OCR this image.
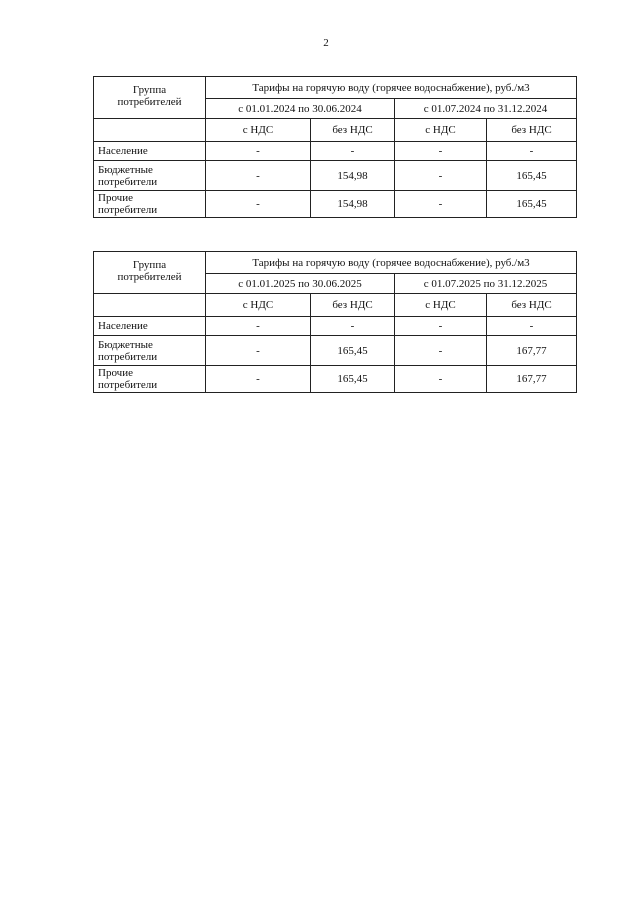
2
Группа
потребителей	Тарифы на горячую воду (горячее водоснабжение), руб./м3			
	с 01.01.2024 по 30.06.2024		с 01.07.2024 по 31.12.2024	
	с НДС	без НДС	с НДС	без НДС

Население	-	-	-	-

Бюджетные
потребители	-	154,98	-	165,45

Прочие
потребители	-	154,98	-	165,45
Группа
потребителей	Тарифы на горячую воду (горячее водоснабжение), руб./м3			
	с 01.01.2025 по 30.06.2025		с 01.07.2025 по 31.12.2025	
	с НДС	без НДС	с НДС	без НДС

Население	-	-	-	-

Бюджетные
потребители	-	165,45	-	167,77

Прочие
потребители	-	165,45	-	167,77
